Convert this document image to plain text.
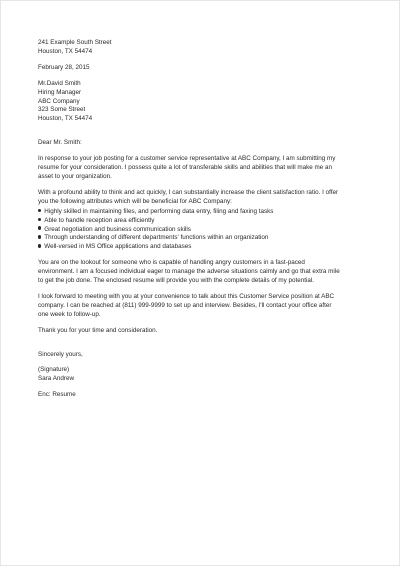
241 Example South Street
Houston, TX 54474
February 28, 2015
Mr.David Smith
Hiring Manager
ABC Company
323 Some Street
Houston, TX 54474
Dear Mr. Smith:
In response to your job posting for a customer service representative at ABC Company, I am submitting my
resume for your consideration. I possess quite a lot of transferable skills and abilities that will make me an
asset to your organization.
With a profound ability to think and act quickly, I can substantially increase the client satisfaction ratio. I offer
you the following attributes which will be beneficial for ABC Company:
Highly skilled in maintaining files, and performing data entry, filing and faxing tasks
Able to handle reception area efficiently
Great negotiation and business communication skills
Through understanding of different departments' functions within an organization
Well-versed in MS Office applications and databases
You are on the lookout for someone who is capable of handling angry customers in a fast-paced
environment. I am a focused individual eager to manage the adverse situations calmly and go that extra mile
to get the job done. The enclosed resume will provide you with the complete details of my potential.
I look forward to meeting with you at your convenience to talk about this Customer Service position at ABC
company. I can be reached at (811) 999-9999 to set up and interview. Besides, I'll contact your office after
one week to follow-up.
Thank you for your time and consideration.
Sincerely yours,
(Signature)
Sara Andrew
Enc: Resume
